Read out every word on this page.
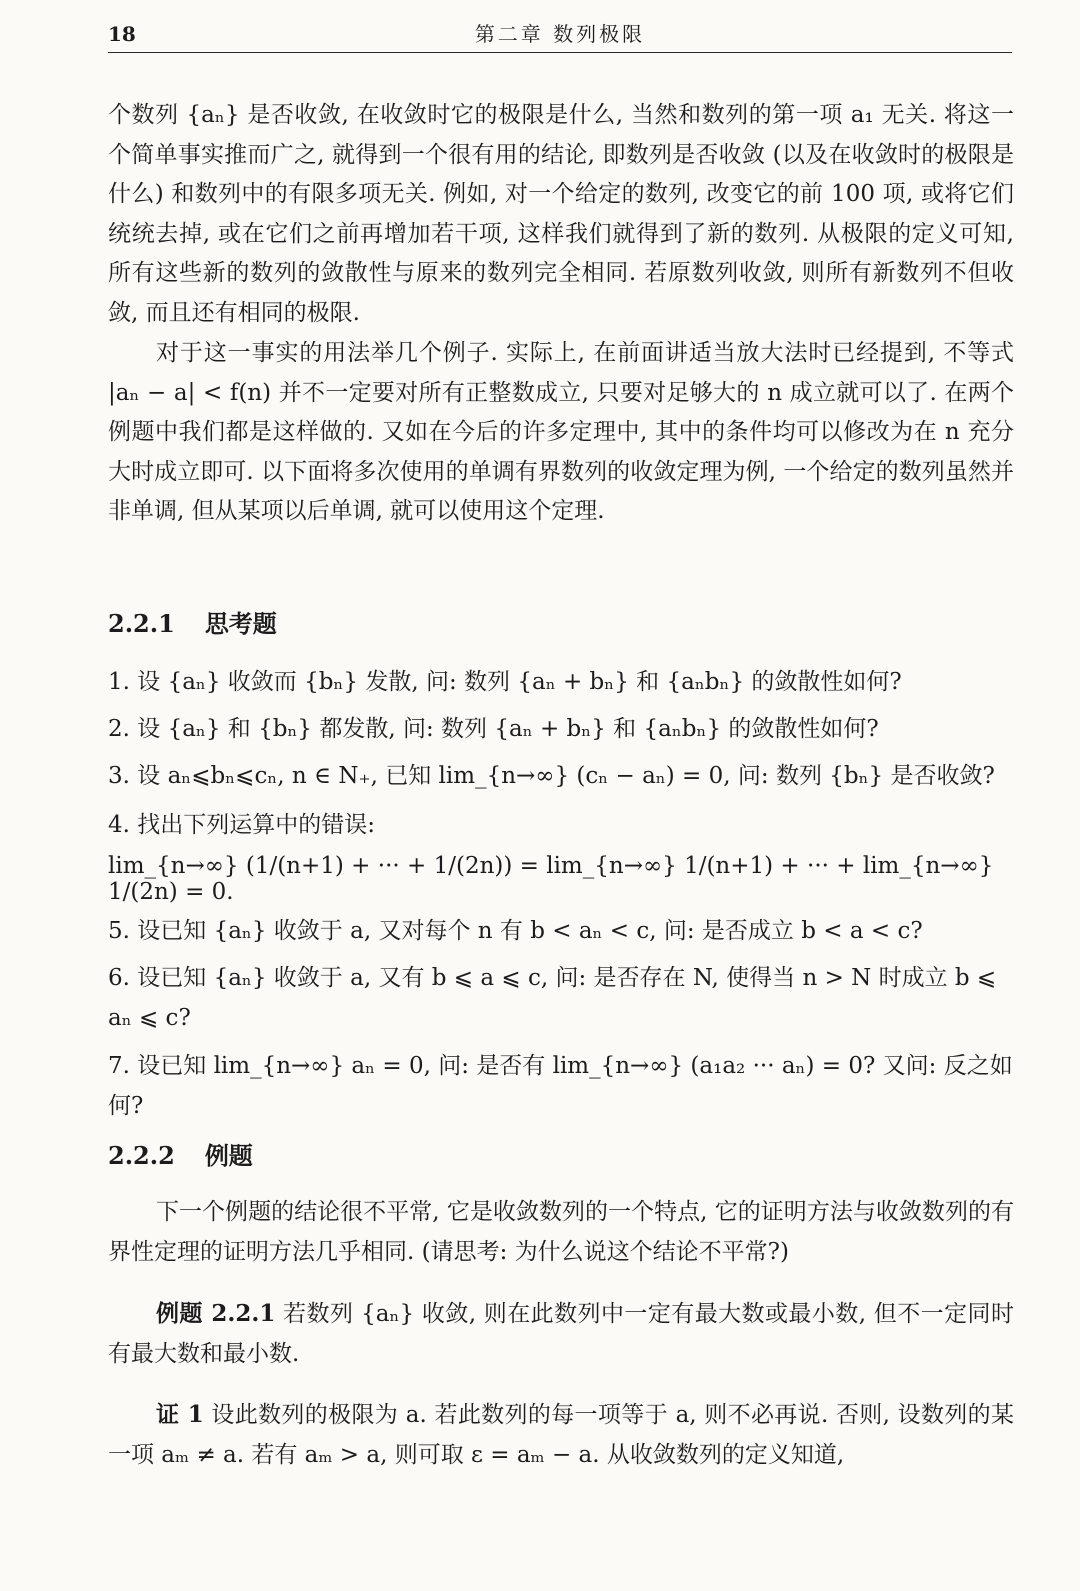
18	第二章 数列极限

个数列 {aₙ} 是否收敛, 在收敛时它的极限是什么, 当然和数列的第一项 a₁ 无关. 将这一个简单事实推而广之, 就得到一个很有用的结论, 即数列是否收敛 (以及在收敛时的极限是什么) 和数列中的有限多项无关. 例如, 对一个给定的数列, 改变它的前 100 项, 或将它们统统去掉, 或在它们之前再增加若干项, 这样我们就得到了新的数列. 从极限的定义可知, 所有这些新的数列的敛散性与原来的数列完全相同. 若原数列收敛, 则所有新数列不但收敛, 而且还有相同的极限.

对于这一事实的用法举几个例子. 实际上, 在前面讲适当放大法时已经提到, 不等式 |aₙ − a| < f(n) 并不一定要对所有正整数成立, 只要对足够大的 n 成立就可以了. 在两个例题中我们都是这样做的. 又如在今后的许多定理中, 其中的条件均可以修改为在 n 充分大时成立即可. 以下面将多次使用的单调有界数列的收敛定理为例, 一个给定的数列虽然并非单调, 但从某项以后单调, 就可以使用这个定理.

2.2.1 思考题

1. 设 {aₙ} 收敛而 {bₙ} 发散, 问: 数列 {aₙ + bₙ} 和 {aₙbₙ} 的敛散性如何?

2. 设 {aₙ} 和 {bₙ} 都发散, 问: 数列 {aₙ + bₙ} 和 {aₙbₙ} 的敛散性如何?

3. 设 aₙ⩽bₙ⩽cₙ, n ∈ N₊, 已知 lim_{n→∞} (cₙ − aₙ) = 0, 问: 数列 {bₙ} 是否收敛?

4. 找出下列运算中的错误:

lim_{n→∞} (1/(n+1) + ··· + 1/(2n)) = lim_{n→∞} 1/(n+1) + ··· + lim_{n→∞} 1/(2n) = 0.

5. 设已知 {aₙ} 收敛于 a, 又对每个 n 有 b < aₙ < c, 问: 是否成立 b < a < c?

6. 设已知 {aₙ} 收敛于 a, 又有 b ⩽ a ⩽ c, 问: 是否存在 N, 使得当 n > N 时成立 b ⩽ aₙ ⩽ c?

7. 设已知 lim_{n→∞} aₙ = 0, 问: 是否有 lim_{n→∞} (a₁a₂ ··· aₙ) = 0? 又问: 反之如何?

2.2.2 例题

下一个例题的结论很不平常, 它是收敛数列的一个特点, 它的证明方法与收敛数列的有界性定理的证明方法几乎相同. (请思考: 为什么说这个结论不平常?)

例题 2.2.1 若数列 {aₙ} 收敛, 则在此数列中一定有最大数或最小数, 但不一定同时有最大数和最小数.

证 1 设此数列的极限为 a. 若此数列的每一项等于 a, 则不必再说. 否则, 设数列的某一项 aₘ ≠ a. 若有 aₘ > a, 则可取 ε = aₘ − a. 从收敛数列的定义知道,
